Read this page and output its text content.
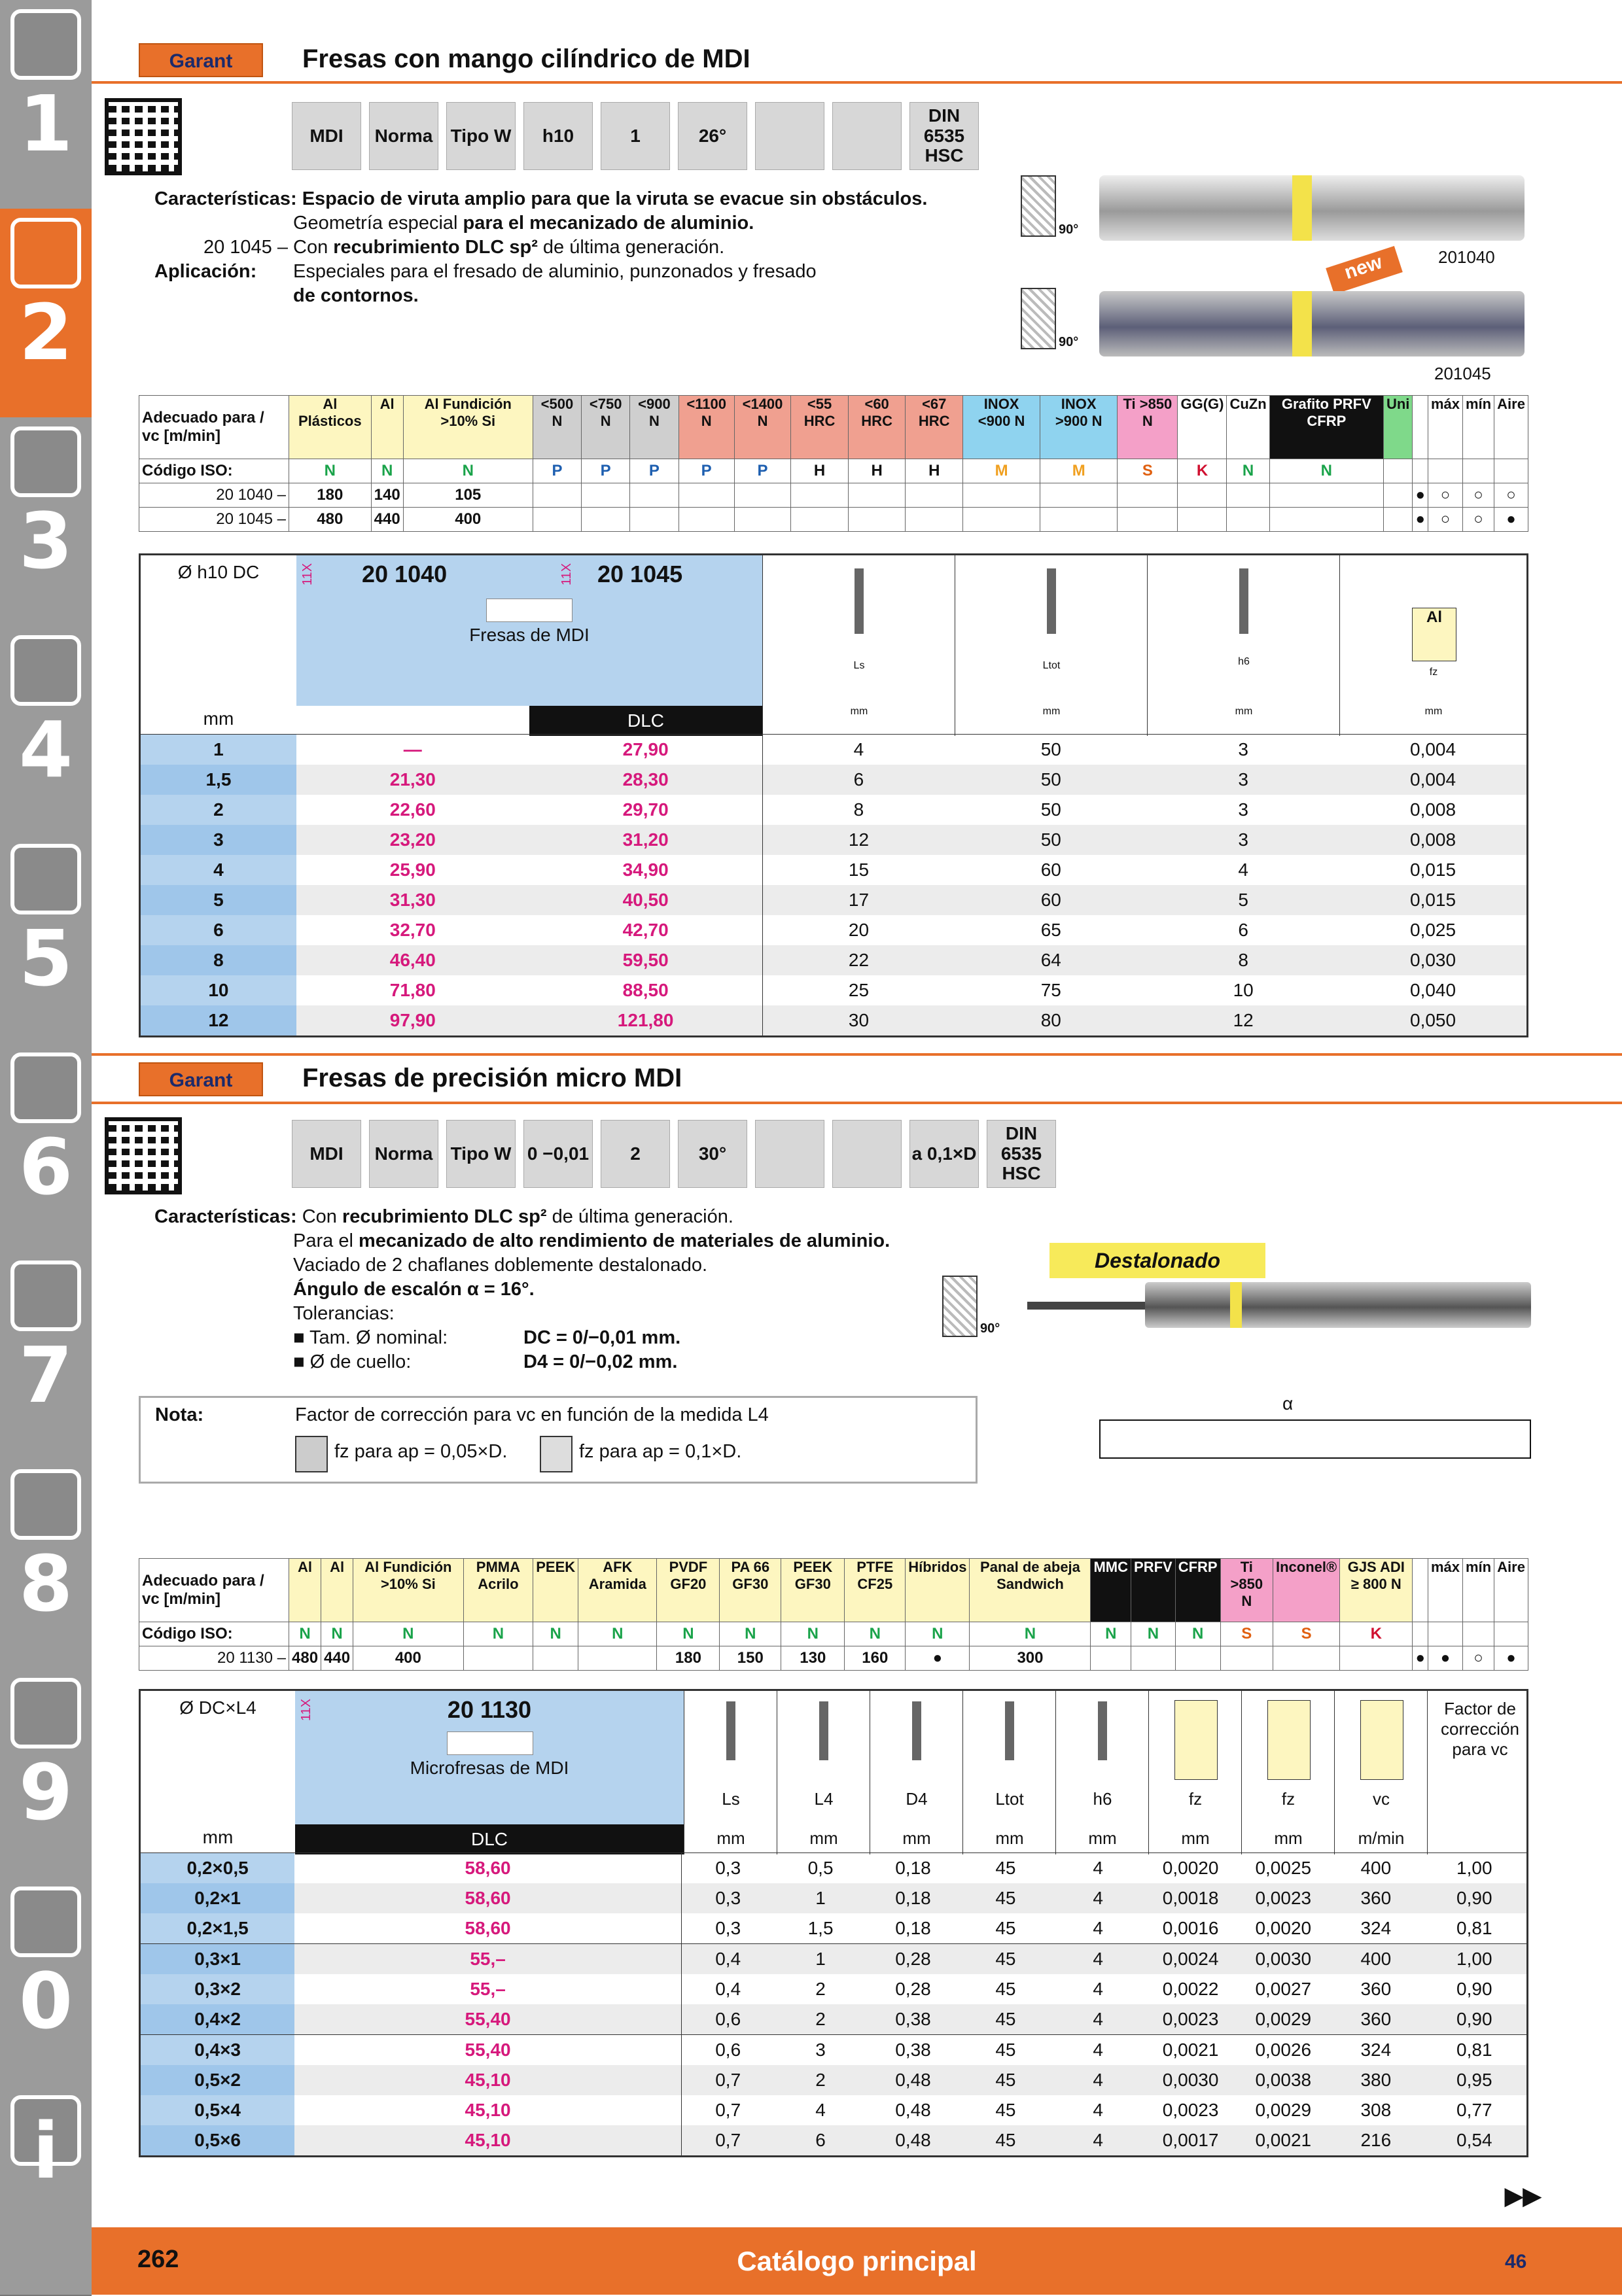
1
2
3
4
5
6
7
8
9
0
i
Garant	Fresas con mango cilíndrico de MDI
MDI	Norma Tipo W	h10	1	26°
DIN 6535 HSC
Características: Espacio de viruta amplio para que la viruta se evacue sin obstáculos.
Geometría especial para el mecanizado de aluminio.
20 1045 – Con recubrimiento DLC sp² de última generación.
Aplicación: Especiales para el fresado de aluminio, punzonados y fresado
de contornos.
90°
201040
new
90°
201045
Adecuado para / vc [m/min]	Al Plásticos	Al	Al Fundición >10% Si	<500 N	<750 N	<900 N	<1100 N	<1400 N	<55 HRC	<60 HRC	<67 HRC	INOX <900 N	INOX >900 N	Ti >850 N	GG(G)	CuZn	Grafito PRFV CFRP	Uni		máx	mín	Aire
Código ISO:	N	N	N	P	P	P	P	P	H	H	H	M	M	S	K	N	N					
20 1040 –	180	140	105																●	○	○	○
20 1045 –	480	440	400																●	○	○	●
Ø h10 DC
mm
11X 20 1040	11X 20 1045
Fresas de MDI
DLC
Ls
mm
Ltot
mm
h6
mm
Al
fz
mm
1	—	27,90	4	50	3	0,004
1,5	21,30	28,30	6	50	3	0,004
2	22,60	29,70	8	50	3	0,008
3	23,20	31,20	12	50	3	0,008
4	25,90	34,90	15	60	4	0,015
5	31,30	40,50	17	60	5	0,015
6	32,70	42,70	20	65	6	0,025
8	46,40	59,50	22	64	8	0,030
10	71,80	88,50	25	75	10	0,040
12	97,90	121,80	30	80	12	0,050
Garant	Fresas de precisión micro MDI
MDI	Norma Tipo W 0 −0,01	2	30°	a 0,1×D
DIN 6535 HSC
Características: Con recubrimiento DLC sp² de última generación.
Para el mecanizado de alto rendimiento de materiales de aluminio.
Vaciado de 2 chaflanes doblemente destalonado.
Ángulo de escalón α = 16°.
Tolerancias:
■ Tam. Ø nominal:	DC = 0/−0,01 mm.
■ Ø de cuello:	D4 = 0/−0,02 mm.
Nota:	Factor de corrección para vc en función de la medida L4
fz para ap = 0,05×D.	fz para ap = 0,1×D.
Destalonado
90°
α
Adecuado para / vc [m/min]	Al	Al	Al Fundición >10% Si	PMMA Acrilo	PEEK	AFK Aramida	PVDF GF20	PA 66 GF30	PEEK GF30	PTFE CF25	Híbridos	Panal de abeja Sandwich	MMC	PRFV	CFRP	Ti >850 N	Inconel®	GJS ADI ≥ 800 N		máx	mín	Aire
Código ISO:	N	N	N	N	N	N	N	N	N	N	N	N	N	N	N	S	S	K				
20 1130 –	480	440	400				180	150	130	160	●	300							●	●	○	●
Ø DC×L4
mm
11X	20 1130
Microfresas de MDI
DLC
Ls
mm
L4
mm
D4
mm
Ltot
mm
h6
mm
fz
mm
fz
mm
vc
m/min
Factor de corrección para vc
0,2×0,5	58,60	0,3	0,5	0,18	45	4	0,0020	0,0025	400	1,00
0,2×1	58,60	0,3	1	0,18	45	4	0,0018	0,0023	360	0,90
0,2×1,5	58,60	0,3	1,5	0,18	45	4	0,0016	0,0020	324	0,81
0,3×1	55,–	0,4	1	0,28	45	4	0,0024	0,0030	400	1,00
0,3×2	55,–	0,4	2	0,28	45	4	0,0022	0,0027	360	0,90
0,4×2	55,40	0,6	2	0,38	45	4	0,0023	0,0029	360	0,90
0,4×3	55,40	0,6	3	0,38	45	4	0,0021	0,0026	324	0,81
0,5×2	45,10	0,7	2	0,48	45	4	0,0030	0,0038	380	0,95
0,5×4	45,10	0,7	4	0,48	45	4	0,0023	0,0029	308	0,77
0,5×6	45,10	0,7	6	0,48	45	4	0,0017	0,0021	216	0,54
▶▶
262	Catálogo principal	46
